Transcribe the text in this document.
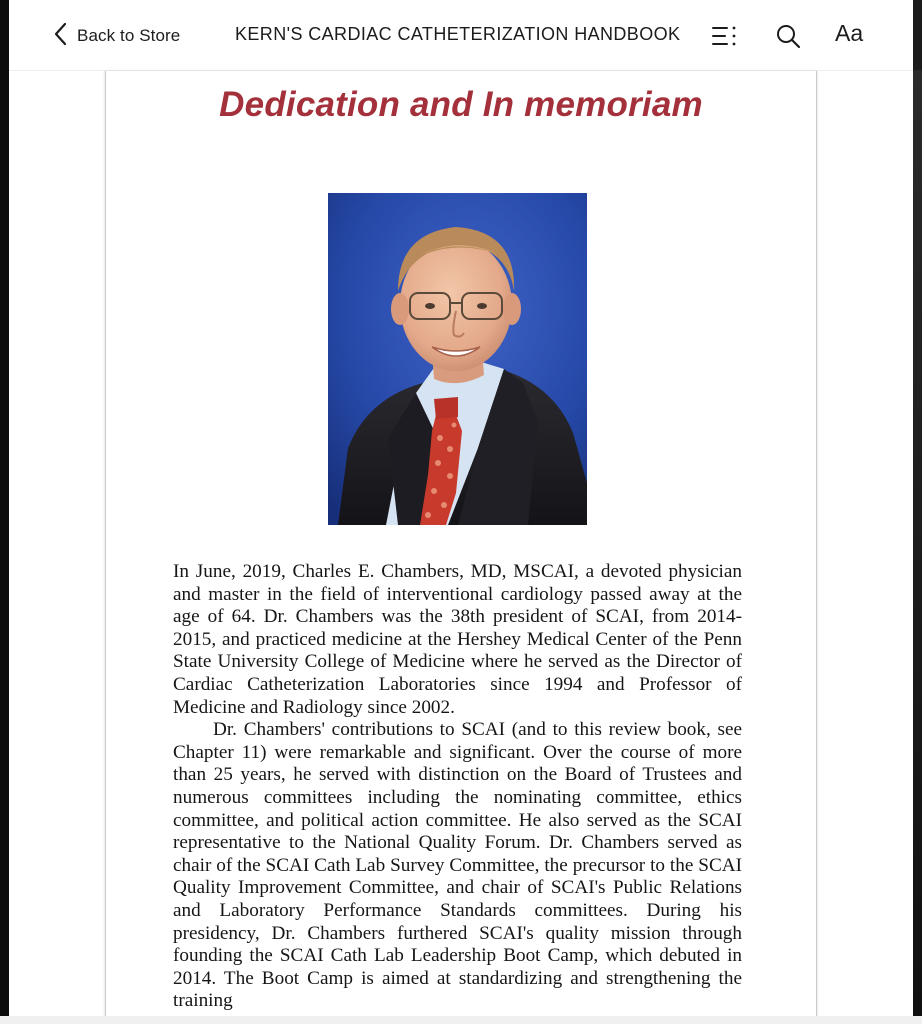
Back to Store	KERN'S CARDIAC CATHETERIZATION HANDBOOK	Aa
Dedication and In memoriam

In June, 2019, Charles E. Chambers, MD, MSCAI, a devoted physician and master in the field of interventional cardiology passed away at the age of 64. Dr. Chambers was the 38th president of SCAI, from 2014-2015, and practiced medicine at the Hershey Medical Center of the Penn State University College of Medicine where he served as the Director of Cardiac Catheterization Laboratories since 1994 and Professor of Medicine and Radiology since 2002.

Dr. Chambers' contributions to SCAI (and to this review book, see Chapter 11) were remarkable and significant. Over the course of more than 25 years, he served with distinction on the Board of Trustees and numerous committees including the nominating committee, ethics committee, and political action committee. He also served as the SCAI representative to the National Quality Forum. Dr. Chambers served as chair of the SCAI Cath Lab Survey Committee, the precursor to the SCAI Quality Improvement Committee, and chair of SCAI's Public Relations and Laboratory Performance Standards committees. During his presidency, Dr. Chambers furthered SCAI's quality mission through founding the SCAI Cath Lab Leadership Boot Camp, which debuted in 2014. The Boot Camp is aimed at standardizing and strengthening the training
